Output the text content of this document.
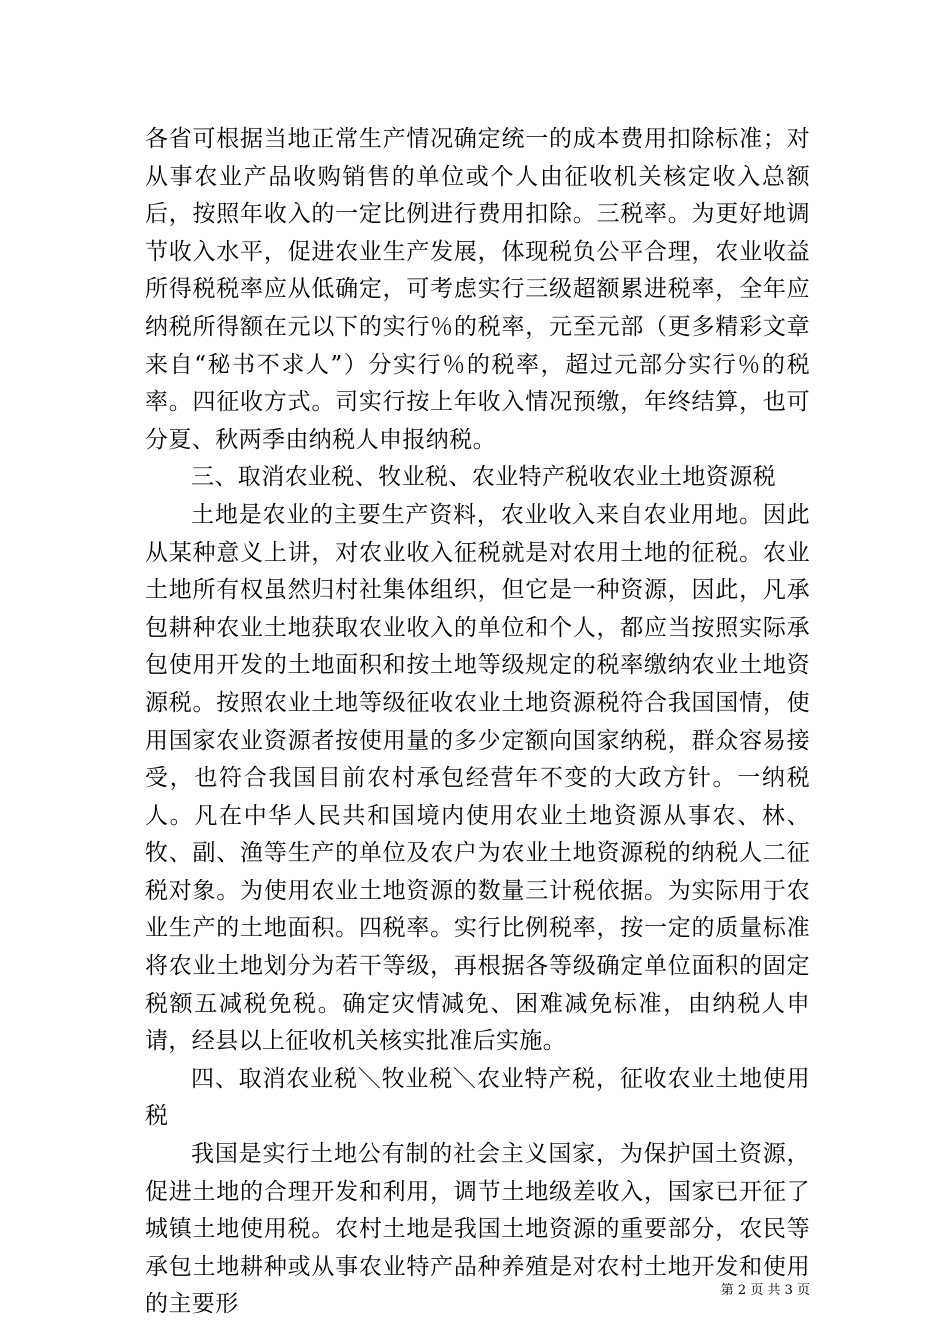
各省可根据当地正常生产情况确定统一的成本费用扣除标准；对从事农业产品收购销售的单位或个人由征收机关核定收入总额后，按照年收入的一定比例进行费用扣除。三税率。为更好地调节收入水平，促进农业生产发展，体现税负公平合理，农业收益所得税税率应从低确定，可考虑实行三级超额累进税率，全年应纳税所得额在元以下的实行％的税率，元至元部（更多精彩文章来自“秘书不求人”）分实行％的税率，超过元部分实行％的税率。四征收方式。司实行按上年收入情况预缴，年终结算，也可分夏、秋两季由纳税人申报纳税。

三、取消农业税、牧业税、农业特产税收农业土地资源税

土地是农业的主要生产资料，农业收入来自农业用地。因此从某种意义上讲，对农业收入征税就是对农用土地的征税。农业土地所有权虽然归村社集体组织，但它是一种资源，因此，凡承包耕种农业土地获取农业收入的单位和个人，都应当按照实际承包使用开发的土地面积和按土地等级规定的税率缴纳农业土地资源税。按照农业土地等级征收农业土地资源税符合我国国情，使用国家农业资源者按使用量的多少定额向国家纳税，群众容易接受，也符合我国目前农村承包经营年不变的大政方针。一纳税人。凡在中华人民共和国境内使用农业土地资源从事农、林、牧、副、渔等生产的单位及农户为农业土地资源税的纳税人二征税对象。为使用农业土地资源的数量三计税依据。为实际用于农业生产的土地面积。四税率。实行比例税率，按一定的质量标准将农业土地划分为若干等级，再根据各等级确定单位面积的固定税额五减税免税。确定灾情减免、困难减免标准，由纳税人申请，经县以上征收机关核实批准后实施。

四、取消农业税＼牧业税＼农业特产税，征收农业土地使用税

我国是实行土地公有制的社会主义国家，为保护国土资源，促进土地的合理开发和利用，调节土地级差收入，国家已开征了城镇土地使用税。农村土地是我国土地资源的重要部分，农民等承包土地耕种或从事农业特产品种养殖是对农村土地开发和使用的主要形

第 2 页 共 3 页
